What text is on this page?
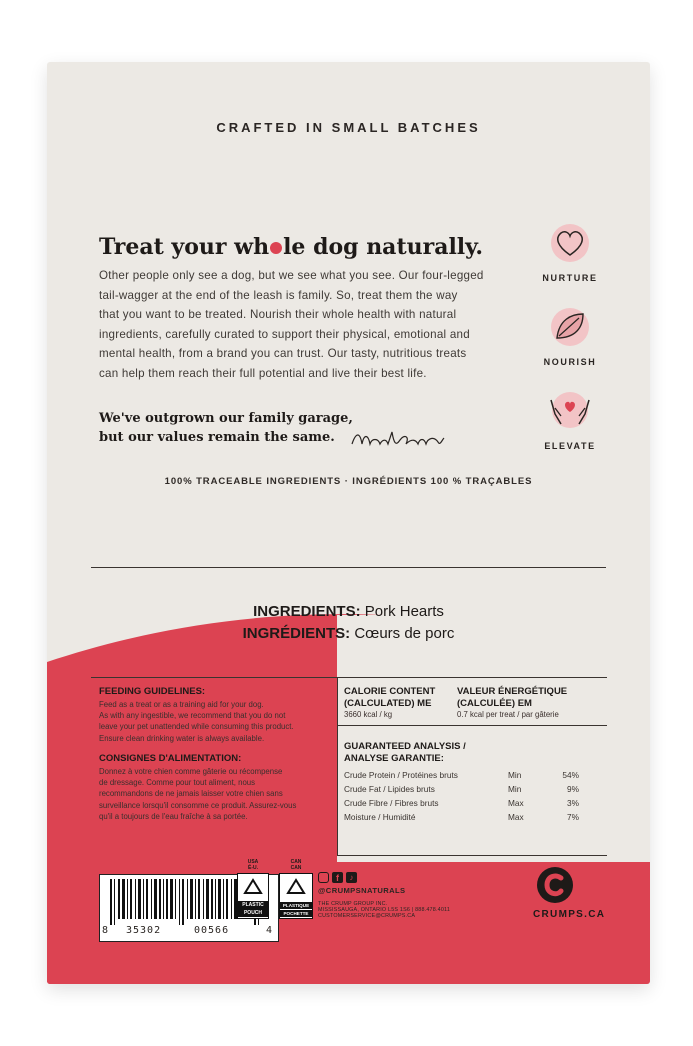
CRAFTED IN SMALL BATCHES
Treat your wh le dog naturally.
Other people only see a dog, but we see what you see. Our four-legged
tail-wagger at the end of the leash is family. So, treat them the way
that you want to be treated. Nourish their whole health with natural
ingredients, carefully curated to support their physical, emotional and
mental health, from a brand you can trust. Our tasty, nutritious treats
can help them reach their full potential and live their best life.
We've outgrown our family garage,
but our values remain the same.
NURTURE
NOURISH
ELEVATE
100% TRACEABLE INGREDIENTS · INGRÉDIENTS 100 % TRAÇABLES
INGREDIENTS: Pork Hearts
INGRÉDIENTS: Cœurs de porc
FEEDING GUIDELINES:
Feed as a treat or as a training aid for your dog.
As with any ingestible, we recommend that you do not
leave your pet unattended while consuming this product.
Ensure clean drinking water is always available.
CONSIGNES D'ALIMENTATION:
Donnez à votre chien comme gâterie ou récompense
de dressage. Comme pour tout aliment, nous
recommandons de ne jamais laisser votre chien sans
surveillance lorsqu'il consomme ce produit. Assurez-vous
qu'il a toujours de l'eau fraîche à sa portée.
CALORIE CONTENT
(CALCULATED) ME
3660 kcal / kg
VALEUR ÉNERGÉTIQUE
(CALCULÉE) EM
0.7 kcal per treat / par gâterie
GUARANTEED ANALYSIS /
ANALYSE GARANTIE:
Crude Protein / Protéines bruts	Min	54%
Crude Fat / Lipides bruts	Min	9%
Crude Fibre / Fibres bruts	Max	3%
Moisture / Humidité	Max	7%
8 35302	00566	4
USA
É-U.
PLASTIC
POUCH
CAN
CAN
PLASTIQUE
POCHETTE
f	♪
@CRUMPSNATURALS
THE CRUMP GROUP INC.
MISSISSAUGA, ONTARIO L5S 1S6 | 888.478.4011
CUSTOMERSERVICE@CRUMPS.CA	CRUMPS.CA
